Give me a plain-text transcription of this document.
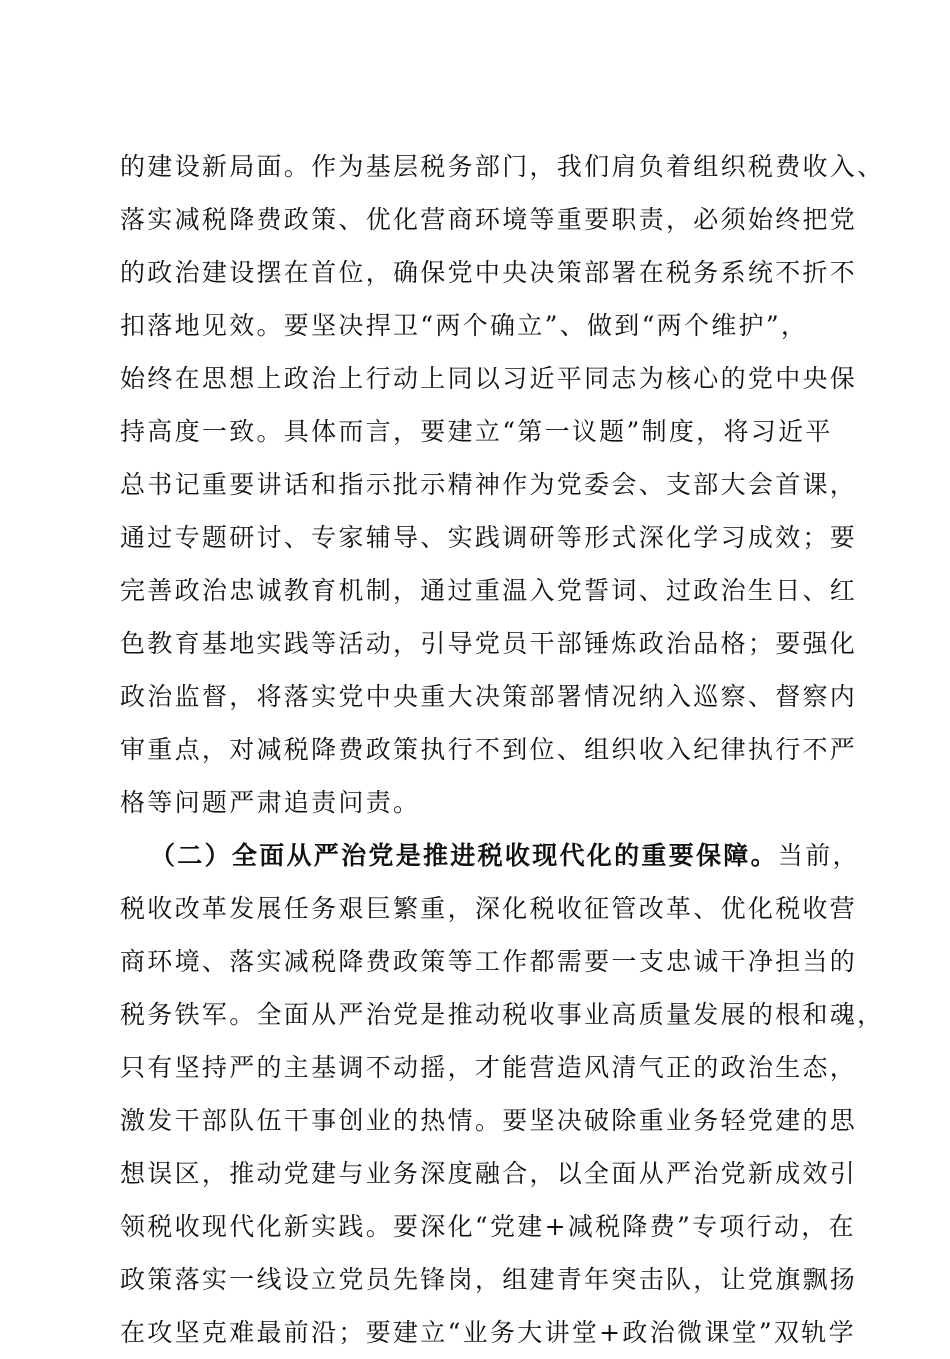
的建设新局面。作为基层税务部门，我们肩负着组织税费收入、
落实减税降费政策、优化营商环境等重要职责，必须始终把党
的政治建设摆在首位，确保党中央决策部署在税务系统不折不
扣落地见效。要坚决捍卫“两个确立”、做到“两个维护”，
始终在思想上政治上行动上同以习近平同志为核心的党中央保
持高度一致。具体而言，要建立“第一议题”制度，将习近平
总书记重要讲话和指示批示精神作为党委会、支部大会首课，
通过专题研讨、专家辅导、实践调研等形式深化学习成效；要
完善政治忠诚教育机制，通过重温入党誓词、过政治生日、红
色教育基地实践等活动，引导党员干部锤炼政治品格；要强化
政治监督，将落实党中央重大决策部署情况纳入巡察、督察内
审重点，对减税降费政策执行不到位、组织收入纪律执行不严
格等问题严肃追责问责。
（二）全面从严治党是推进税收现代化的重要保障。当前，
税收改革发展任务艰巨繁重，深化税收征管改革、优化税收营
商环境、落实减税降费政策等工作都需要一支忠诚干净担当的
税务铁军。全面从严治党是推动税收事业高质量发展的根和魂，
只有坚持严的主基调不动摇，才能营造风清气正的政治生态，
激发干部队伍干事创业的热情。要坚决破除重业务轻党建的思
想误区，推动党建与业务深度融合，以全面从严治党新成效引
领税收现代化新实践。要深化“党建+减税降费”专项行动，在
政策落实一线设立党员先锋岗，组建青年突击队，让党旗飘扬
在攻坚克难最前沿；要建立“业务大讲堂+政治微课堂”双轨学
